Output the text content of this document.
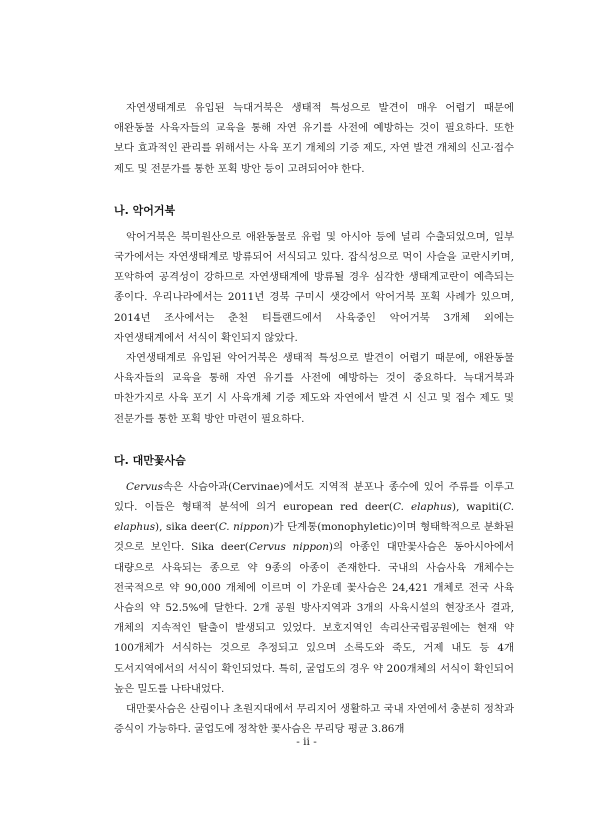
자연생태계로 유입된 늑대거북은 생태적 특성으로 발견이 매우 어렵기 때문에 애완동물 사육자들의 교육을 통해 자연 유기를 사전에 예방하는 것이 필요하다. 또한 보다 효과적인 관리를 위해서는 사육 포기 개체의 기증 제도, 자연 발견 개체의 신고·접수 제도 및 전문가를 통한 포획 방안 등이 고려되어야 한다.

나. 악어거북

악어거북은 북미원산으로 애완동물로 유럽 및 아시아 등에 널리 수출되었으며, 일부 국가에서는 자연생태계로 방류되어 서식되고 있다. 잡식성으로 먹이 사슬을 교란시키며, 포악하여 공격성이 강하므로 자연생태계에 방류될 경우 심각한 생태계교란이 예측되는 종이다. 우리나라에서는 2011년 경북 구미시 샛강에서 악어거북 포획 사례가 있으며, 2014년 조사에서는 춘천 티틀랜드에서 사육중인 악어거북 3개체 외에는 자연생태계에서 서식이 확인되지 않았다.

자연생태계로 유입된 악어거북은 생태적 특성으로 발견이 어렵기 때문에, 애완동물 사육자들의 교육을 통해 자연 유기를 사전에 예방하는 것이 중요하다. 늑대거북과 마찬가지로 사육 포기 시 사육개체 기증 제도와 자연에서 발견 시 신고 및 접수 제도 및 전문가를 통한 포획 방안 마련이 필요하다.

다. 대만꽃사슴

Cervus속은 사슴아과(Cervinae)에서도 지역적 분포나 종수에 있어 주류를 이루고 있다. 이들은 형태적 분석에 의거 european red deer(C. elaphus), wapiti(C. elaphus), sika deer(C. nippon)가 단계통(monophyletic)이며 형태학적으로 분화된 것으로 보인다. Sika deer(Cervus nippon)의 아종인 대만꽃사슴은 동아시아에서 대량으로 사육되는 종으로 약 9종의 아종이 존재한다. 국내의 사슴사육 개체수는 전국적으로 약 90,000 개체에 이르며 이 가운데 꽃사슴은 24,421 개체로 전국 사육 사슴의 약 52.5%에 달한다. 2개 공원 방사지역과 3개의 사육시설의 현장조사 결과, 개체의 지속적인 탈출이 발생되고 있었다. 보호지역인 속리산국립공원에는 현재 약 100개체가 서식하는 것으로 추정되고 있으며 소록도와 죽도, 거제 내도 등 4개 도서지역에서의 서식이 확인되었다. 특히, 굴업도의 경우 약 200개체의 서식이 확인되어 높은 밀도를 나타내었다.

대만꽃사슴은 산림이나 초원지대에서 무리지어 생활하고 국내 자연에서 충분히 정착과 증식이 가능하다. 굴업도에 정착한 꽃사슴은 무리당 평균 3.86개

- ii -
